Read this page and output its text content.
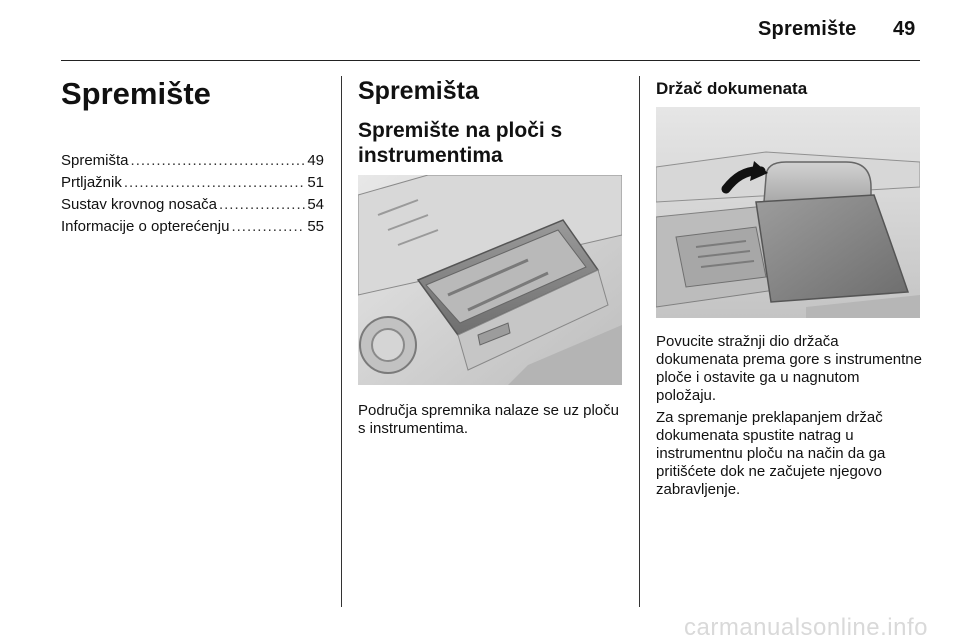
Spremište 49
Spremište
Spremišta .....	49
Prtljažnik .....	51
Sustav krovnog nosača .....	54
Informacije o opterećenju .....	55
Spremišta
Spremište na ploči s instrumentima

Područja spremnika nalaze se uz ploču s instrumentima.

Držač dokumenata

Povucite stražnji dio držača dokumenata prema gore s instrumentne ploče i ostavite ga u nagnutom položaju.

Za spremanje preklapanjem držač dokumenata spustite natrag u instrumentnu ploču na način da ga pritišćete dok ne začujete njegovo zabravljenje.

carmanualsonline.info
